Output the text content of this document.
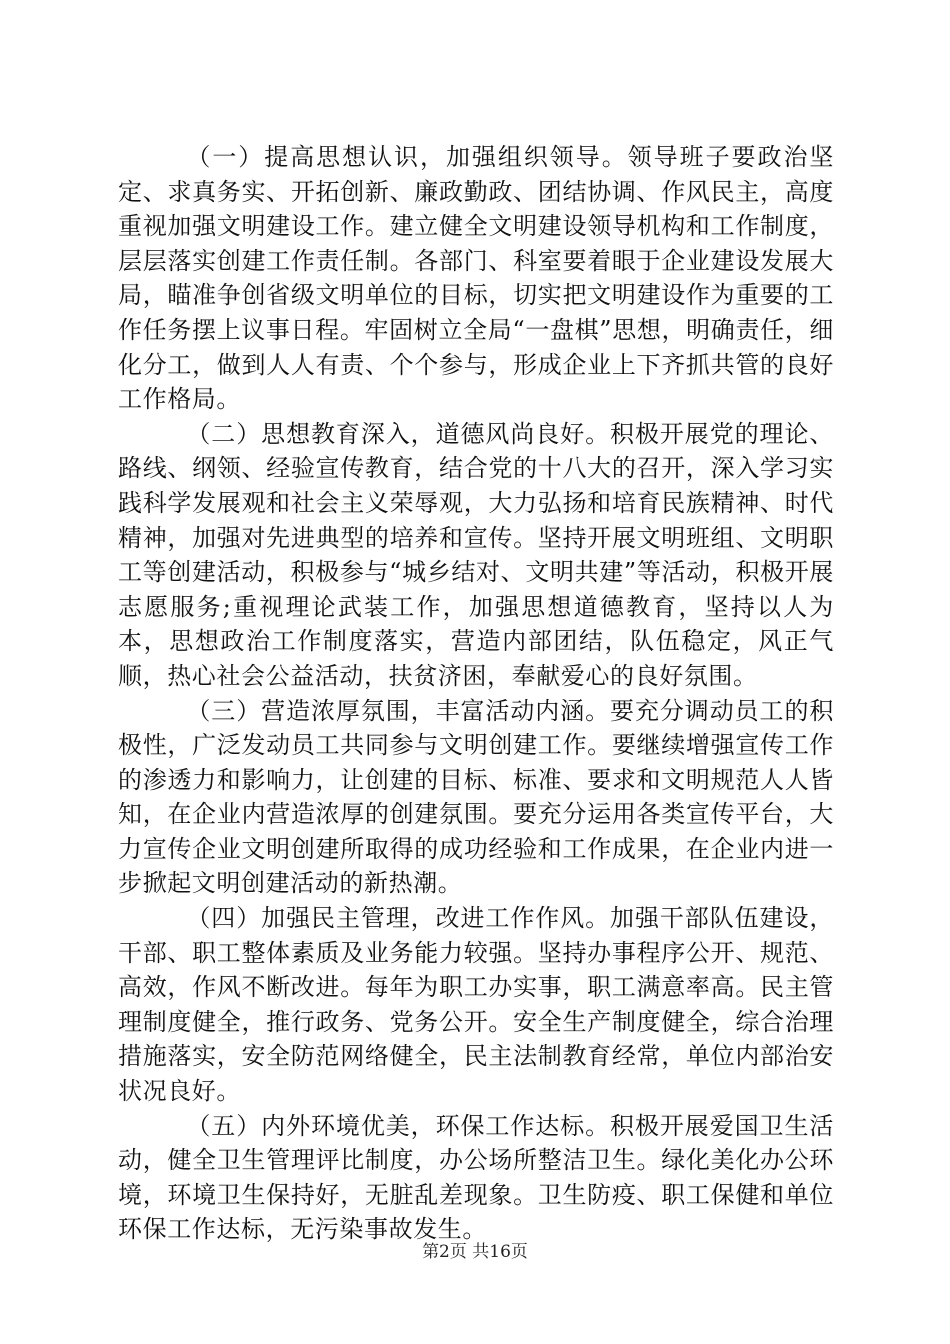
（一）提高思想认识，加强组织领导。领导班子要政治坚定、求真务实、开拓创新、廉政勤政、团结协调、作风民主，高度重视加强文明建设工作。建立健全文明建设领导机构和工作制度，层层落实创建工作责任制。各部门、科室要着眼于企业建设发展大局，瞄准争创省级文明单位的目标，切实把文明建设作为重要的工作任务摆上议事日程。牢固树立全局“一盘棋”思想，明确责任，细化分工，做到人人有责、个个参与，形成企业上下齐抓共管的良好工作格局。

（二）思想教育深入，道德风尚良好。积极开展党的理论、路线、纲领、经验宣传教育，结合党的十八大的召开，深入学习实践科学发展观和社会主义荣辱观，大力弘扬和培育民族精神、时代精神，加强对先进典型的培养和宣传。坚持开展文明班组、文明职工等创建活动，积极参与“城乡结对、文明共建”等活动，积极开展志愿服务;重视理论武装工作，加强思想道德教育，坚持以人为本，思想政治工作制度落实，营造内部团结，队伍稳定，风正气顺，热心社会公益活动，扶贫济困，奉献爱心的良好氛围。

（三）营造浓厚氛围，丰富活动内涵。要充分调动员工的积极性，广泛发动员工共同参与文明创建工作。要继续增强宣传工作的渗透力和影响力，让创建的目标、标准、要求和文明规范人人皆知，在企业内营造浓厚的创建氛围。要充分运用各类宣传平台，大力宣传企业文明创建所取得的成功经验和工作成果，在企业内进一步掀起文明创建活动的新热潮。

（四）加强民主管理，改进工作作风。加强干部队伍建设，干部、职工整体素质及业务能力较强。坚持办事程序公开、规范、高效，作风不断改进。每年为职工办实事，职工满意率高。民主管理制度健全，推行政务、党务公开。安全生产制度健全，综合治理措施落实，安全防范网络健全，民主法制教育经常，单位内部治安状况良好。

（五）内外环境优美，环保工作达标。积极开展爱国卫生活动，健全卫生管理评比制度，办公场所整洁卫生。绿化美化办公环境，环境卫生保持好，无脏乱差现象。卫生防疫、职工保健和单位环保工作达标，无污染事故发生。

第2页 共16页
